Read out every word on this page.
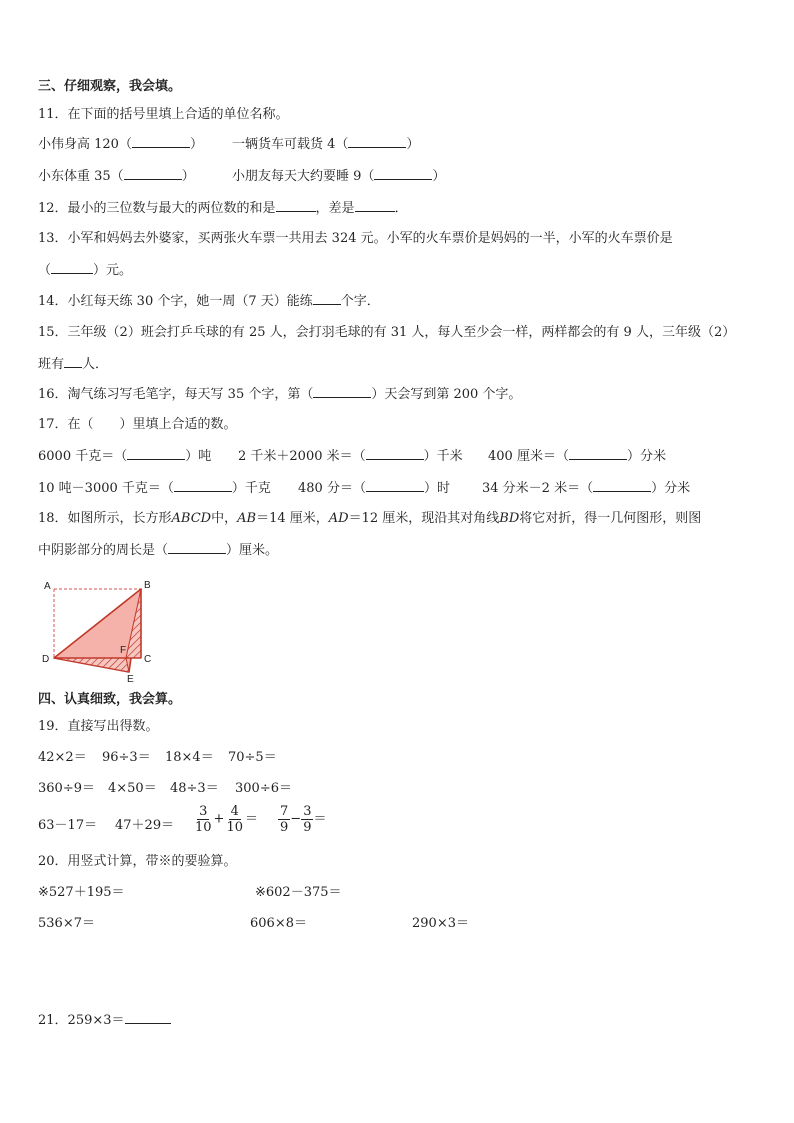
三、仔细观察，我会填。
11．在下面的括号里填上合适的单位名称。
小伟身高 120（	） 一辆货车可载货 4（	）
小东体重 35（	）	小朋友每天大约要睡 9（	）
12．最小的三位数与最大的两位数的和是	，差是	．
13．小军和妈妈去外婆家，买两张火车票一共用去 324 元。小军的火车票价是妈妈的一半，小军的火车票价是
（	）元。
14．小红每天练 30 个字，她一周（7 天）能练 个字．
15．三年级（2）班会打乒乓球的有 25 人，会打羽毛球的有 31 人，每人至少会一样，两样都会的有 9 人，三年级（2）
班有 人．
16．淘气练习写毛笔字，每天写 35 个字，第（	）天会写到第 200 个字。
17．在（　　）里填上合适的数。
6000 千克＝（	）吨 2 千米＋2000 米＝（	）千米 400 厘米＝（	）分米
10 吨－3000 千克＝（	）千克 480 分＝（	）时 34 分米－2 米＝（	）分米
18．如图所示，长方形ABCD中，AB＝14 厘米，AD＝12 厘米，现沿其对角线BD将它对折，得一几何图形，则图
中阴影部分的周长是（	）厘米。
A	B
C
D
E
F
四、认真细致，我会算。
19．直接写出得数。
42×2＝ 96÷3＝ 18×4＝ 70÷5＝
360÷9＝ 4×50＝ 48÷3＝ 300÷6＝
$63-17= 47+29= \frac{3}{10} + \frac{4}{10} = \frac{7}{9} - \frac{3}{9}$ ＝
20．用竖式计算，带※的要验算。
※527＋195＝	※602－375＝
536×7＝	606×8＝	290×3＝
21．259×3＝
